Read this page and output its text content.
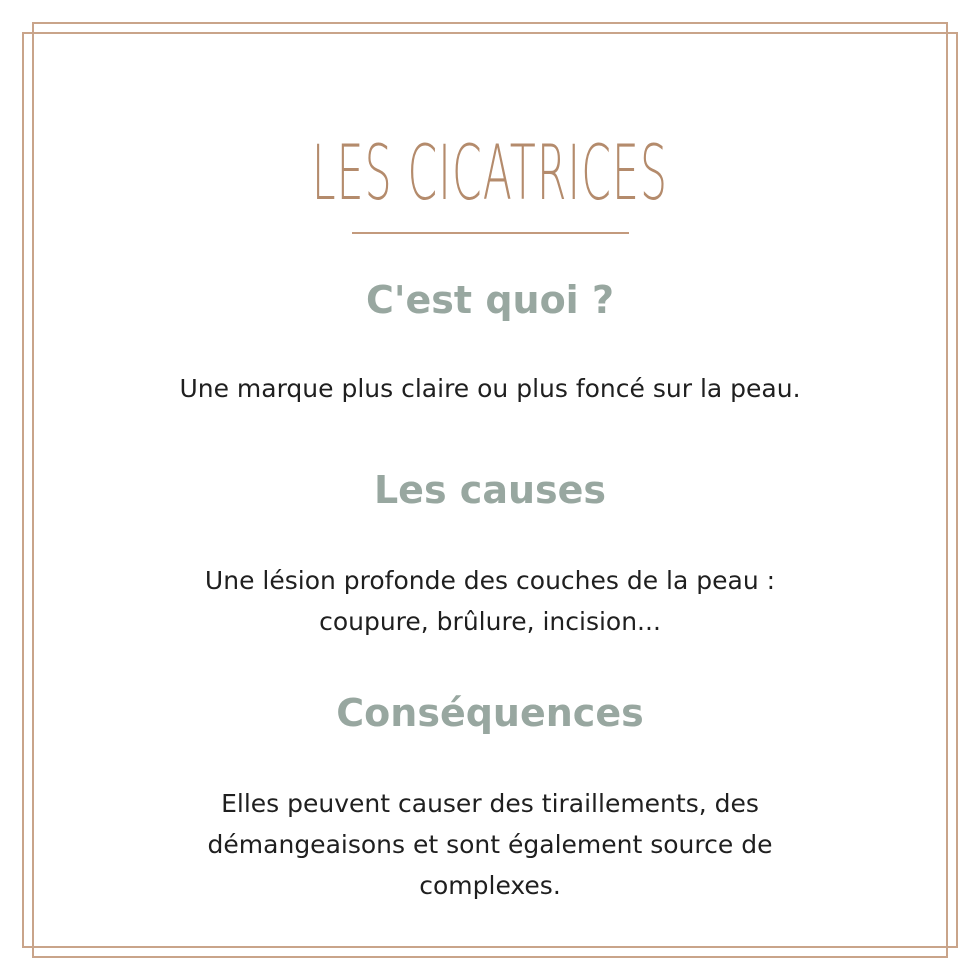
LES CICATRICES
C'est quoi ?
Une marque plus claire ou plus foncé sur la peau.
Les causes
Une lésion profonde des couches de la peau :
coupure, brûlure, incision...
Conséquences
Elles peuvent causer des tiraillements, des
démangeaisons et sont également source de
complexes.
